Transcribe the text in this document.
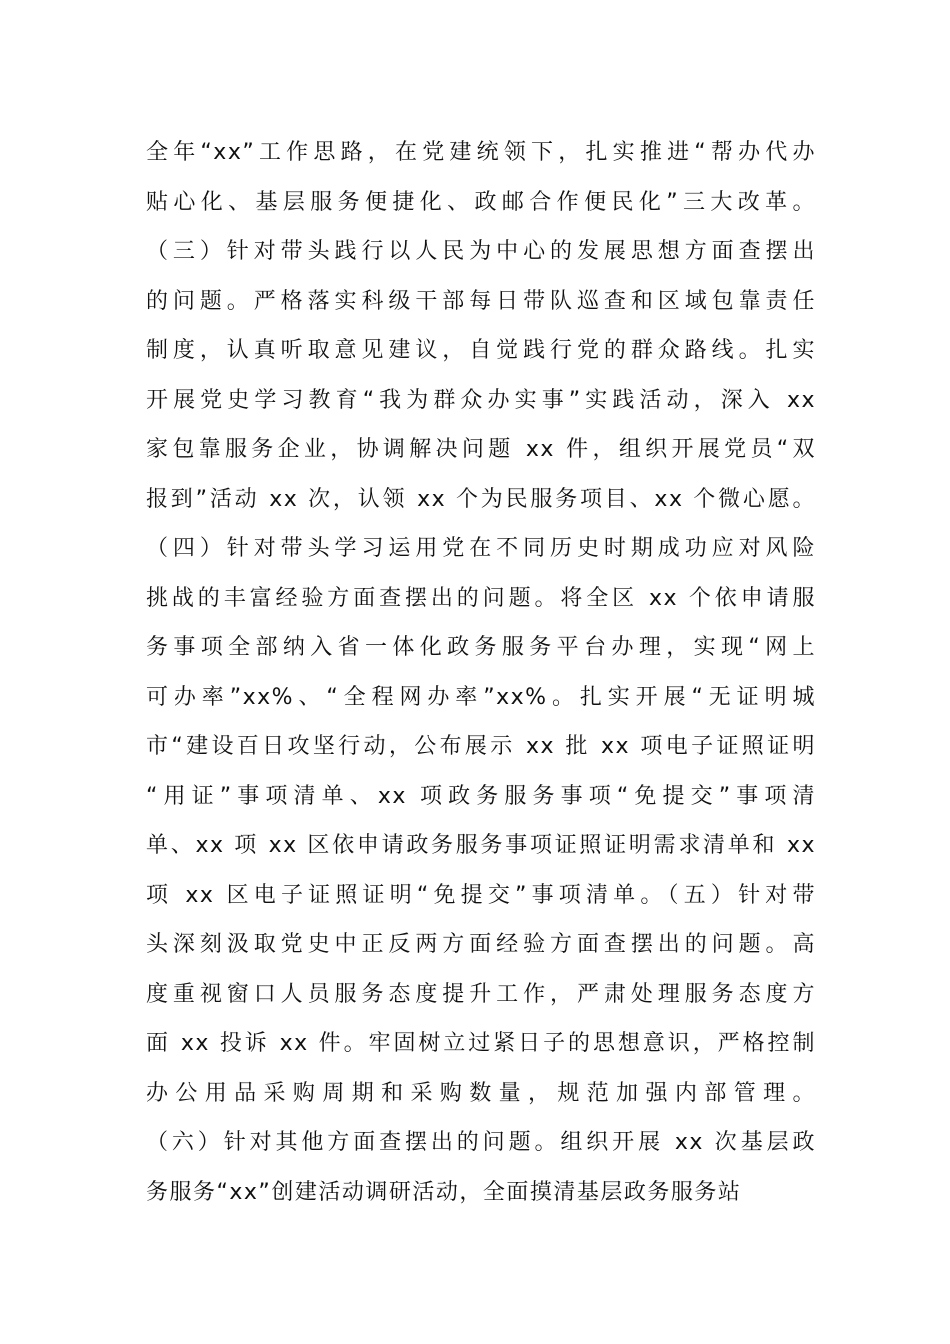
全年“xx”工作思路，在党建统领下，扎实推进“帮办代办
贴心化、基层服务便捷化、政邮合作便民化”三大改革。
（三）针对带头践行以人民为中心的发展思想方面查摆出
的问题。严格落实科级干部每日带队巡查和区域包靠责任
制度，认真听取意见建议，自觉践行党的群众路线。扎实
开展党史学习教育“我为群众办实事”实践活动，深入 xx
家包靠服务企业，协调解决问题 xx 件，组织开展党员“双
报到”活动 xx 次，认领 xx 个为民服务项目、xx 个微心愿。
（四）针对带头学习运用党在不同历史时期成功应对风险
挑战的丰富经验方面查摆出的问题。将全区 xx 个依申请服
务事项全部纳入省一体化政务服务平台办理，实现“网上
可办率”xx%、“全程网办率”xx%。扎实开展“无证明城
市“建设百日攻坚行动，公布展示 xx 批 xx 项电子证照证明
“用证”事项清单、xx 项政务服务事项“免提交”事项清
单、xx 项 xx 区依申请政务服务事项证照证明需求清单和 xx
项 xx 区电子证照证明“免提交”事项清单。（五）针对带
头深刻汲取党史中正反两方面经验方面查摆出的问题。高
度重视窗口人员服务态度提升工作，严肃处理服务态度方
面 xx 投诉 xx 件。牢固树立过紧日子的思想意识，严格控制
办公用品采购周期和采购数量，规范加强内部管理。
（六）针对其他方面查摆出的问题。组织开展 xx 次基层政
务服务“xx”创建活动调研活动，全面摸清基层政务服务站
